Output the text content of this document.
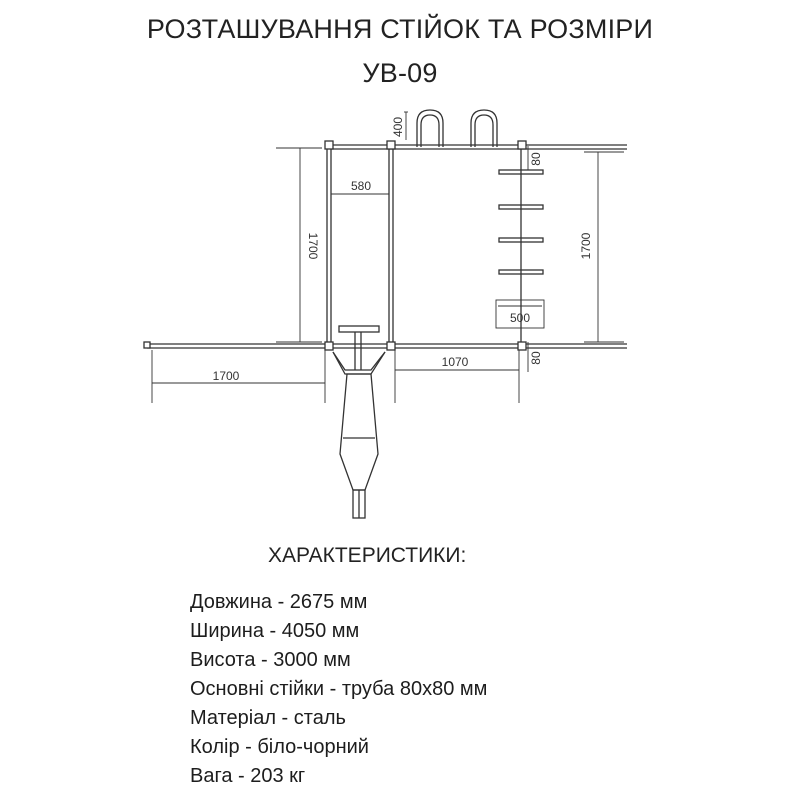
РОЗТАШУВАННЯ СТІЙОК ТА РОЗМІРИ
УВ-09
400
580
1700	1700
80
80
500
1700
1070
ХАРАКТЕРИСТИКИ:
Довжина - 2675 мм
Ширина - 4050 мм
Висота - 3000 мм
Основні стійки - труба 80х80 мм
Матеріал - сталь
Колір - біло-чорний
Вага - 203 кг
